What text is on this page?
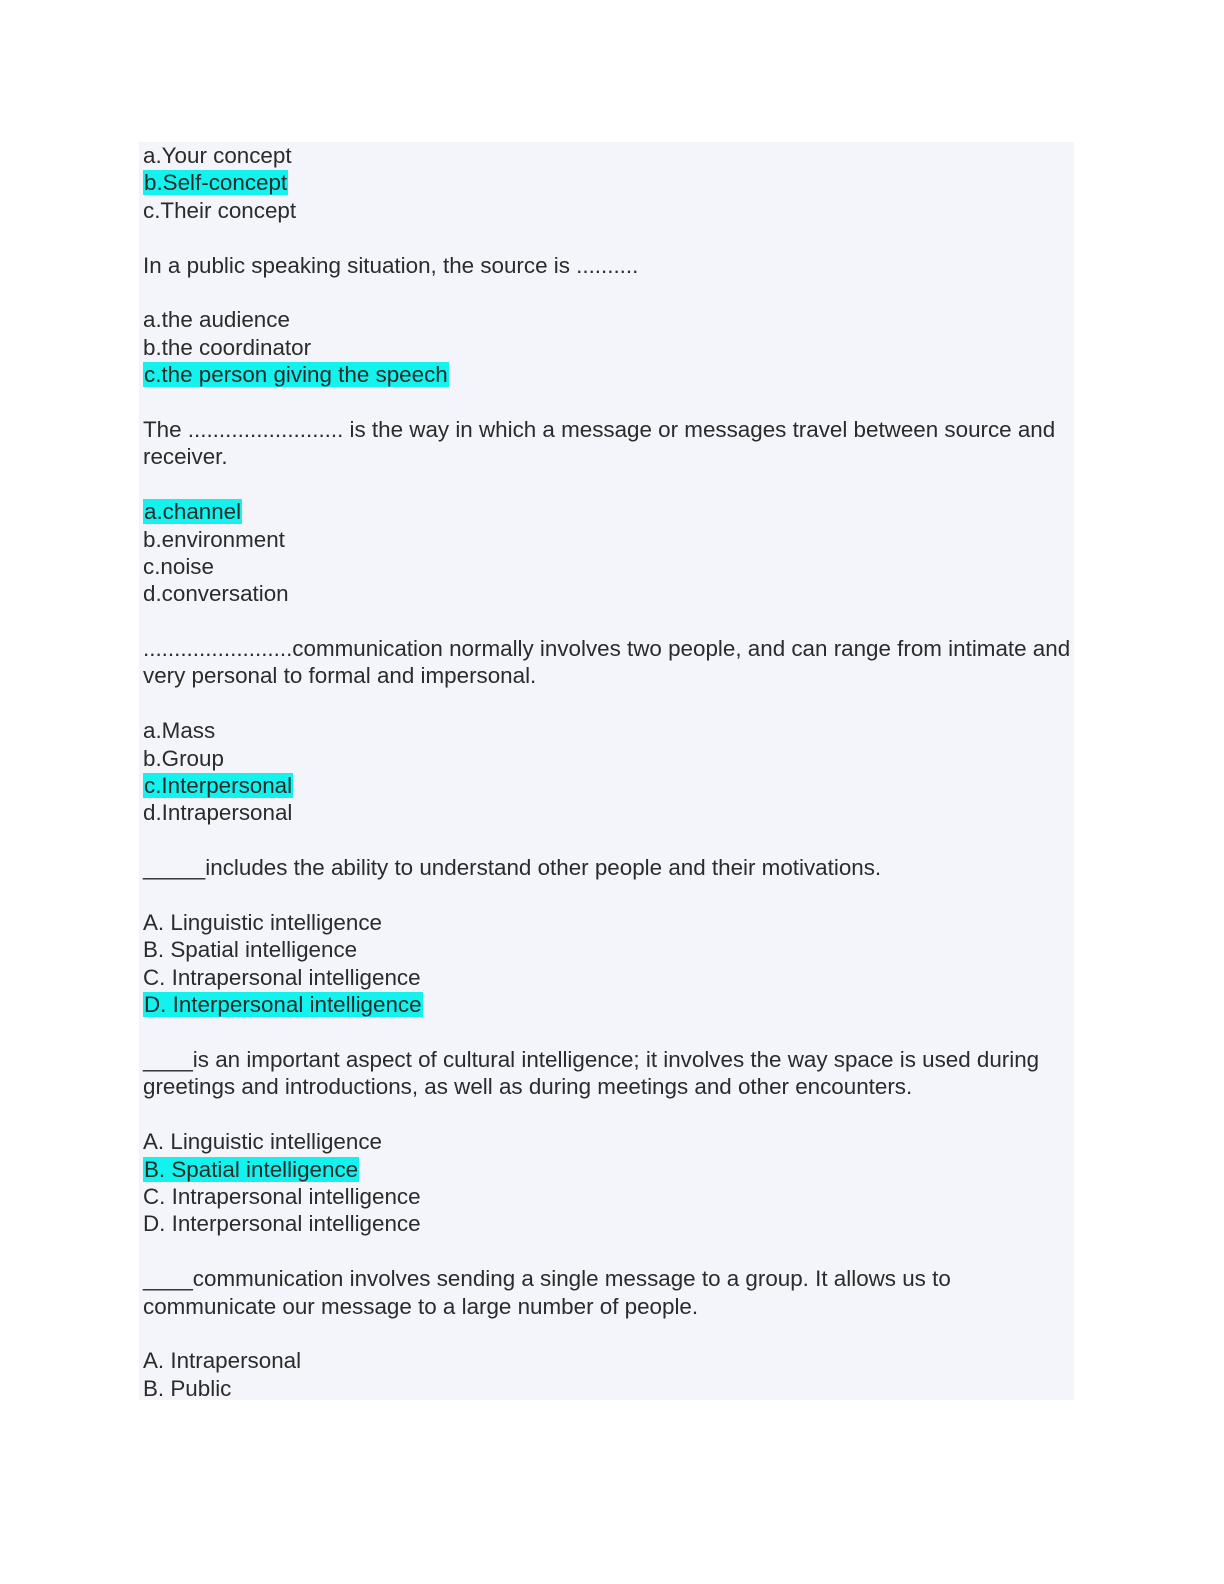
a.Your concept
b.Self-concept
c.Their concept
In a public speaking situation, the source is ..........
a.the audience
b.the coordinator
c.the person giving the speech
The ......................... is the way in which a message or messages travel between source and receiver.
a.channel
b.environment
c.noise
d.conversation
........................communication normally involves two people, and can range from intimate and very personal to formal and impersonal.
a.Mass
b.Group
c.Interpersonal
d.Intrapersonal
_____includes the ability to understand other people and their motivations.
A. Linguistic intelligence
B. Spatial intelligence
C. Intrapersonal intelligence
D. Interpersonal intelligence
____is an important aspect of cultural intelligence; it involves the way space is used during greetings and introductions, as well as during meetings and other encounters.
A. Linguistic intelligence
B. Spatial intelligence
C. Intrapersonal intelligence
D. Interpersonal intelligence
____communication involves sending a single message to a group. It allows us to communicate our message to a large number of people.
A. Intrapersonal
B. Public
